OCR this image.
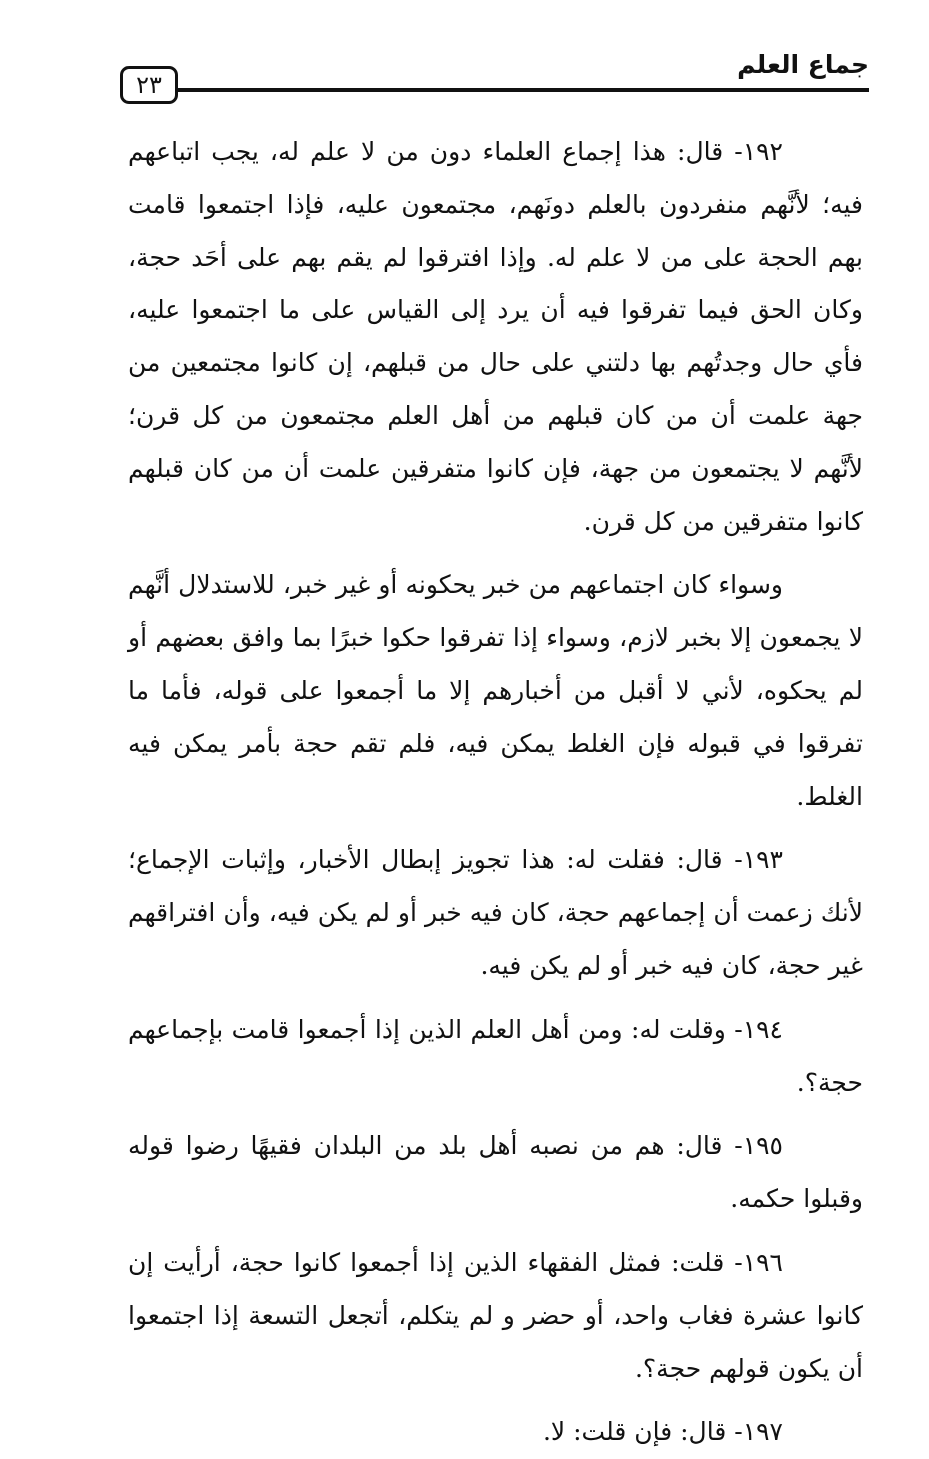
جماع العلم
٢٣

١٩٢- قال: هذا إجماع العلماء دون من لا علم له، يجب اتباعهم فيه؛ لأنَّهم منفردون بالعلم دونَهم، مجتمعون عليه، فإذا اجتمعوا قامت بهم الحجة على من لا علم له. وإذا افترقوا لم يقم بهم على أحَد حجة، وكان الحق فيما تفرقوا فيه أن يرد إلى القياس على ما اجتمعوا عليه، فأي حال وجدتُهم بها دلتني على حال من قبلهم، إن كانوا مجتمعين من جهة علمت أن من كان قبلهم من أهل العلم مجتمعون من كل قرن؛ لأنَّهم لا يجتمعون من جهة، فإن كانوا متفرقين علمت أن من كان قبلهم كانوا متفرقين من كل قرن.

وسواء كان اجتماعهم من خبر يحكونه أو غير خبر، للاستدلال أنَّهم لا يجمعون إلا بخبر لازم، وسواء إذا تفرقوا حكوا خبرًا بما وافق بعضهم أو لم يحكوه، لأني لا أقبل من أخبارهم إلا ما أجمعوا على قوله، فأما ما تفرقوا في قبوله فإن الغلط يمكن فيه، فلم تقم حجة بأمر يمكن فيه الغلط.

١٩٣- قال: فقلت له: هذا تجويز إبطال الأخبار، وإثبات الإجماع؛ لأنك زعمت أن إجماعهم حجة، كان فيه خبر أو لم يكن فيه، وأن افتراقهم غير حجة، كان فيه خبر أو لم يكن فيه.

١٩٤- وقلت له: ومن أهل العلم الذين إذا أجمعوا قامت بإجماعهم حجة؟.

١٩٥- قال: هم من نصبه أهل بلد من البلدان فقيهًا رضوا قوله وقبلوا حكمه.

١٩٦- قلت: فمثل الفقهاء الذين إذا أجمعوا كانوا حجة، أرأيت إن كانوا عشرة فغاب واحد، أو حضر و لم يتكلم، أتجعل التسعة إذا اجتمعوا أن يكون قولهم حجة؟.

١٩٧- قال: فإن قلت: لا.
